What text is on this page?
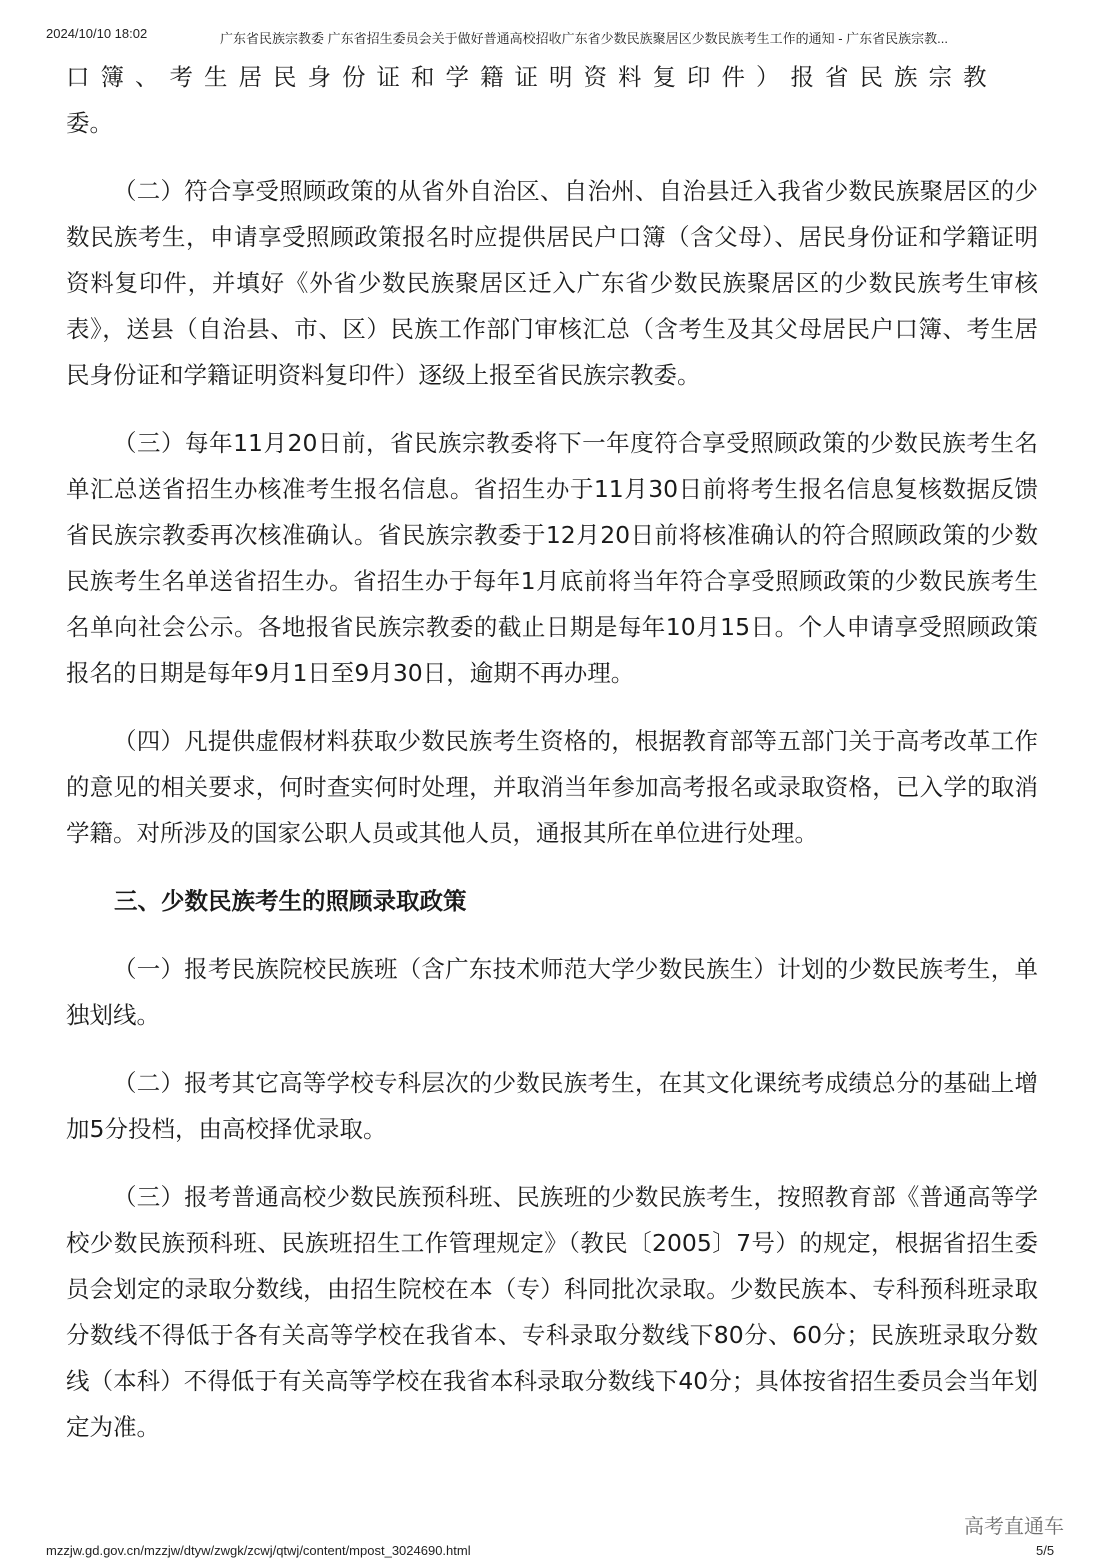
2024/10/10 18:02	广东省民族宗教委 广东省招生委员会关于做好普通高校招收广东省少数民族聚居区少数民族考生工作的通知 - 广东省民族宗教...

口簿、考生居民身份证和学籍证明资料复印件）报省民族宗教

委。

（二）符合享受照顾政策的从省外自治区、自治州、自治县迁入我省少数民族聚居区的少数民族考生，申请享受照顾政策报名时应提供居民户口簿（含父母）、居民身份证和学籍证明资料复印件，并填好《外省少数民族聚居区迁入广东省少数民族聚居区的少数民族考生审核表》，送县（自治县、市、区）民族工作部门审核汇总（含考生及其父母居民户口簿、考生居民身份证和学籍证明资料复印件）逐级上报至省民族宗教委。

（三）每年11月20日前，省民族宗教委将下一年度符合享受照顾政策的少数民族考生名单汇总送省招生办核准考生报名信息。省招生办于11月30日前将考生报名信息复核数据反馈省民族宗教委再次核准确认。省民族宗教委于12月20日前将核准确认的符合照顾政策的少数民族考生名单送省招生办。省招生办于每年1月底前将当年符合享受照顾政策的少数民族考生名单向社会公示。各地报省民族宗教委的截止日期是每年10月15日。个人申请享受照顾政策报名的日期是每年9月1日至9月30日，逾期不再办理。

（四）凡提供虚假材料获取少数民族考生资格的，根据教育部等五部门关于高考改革工作的意见的相关要求，何时查实何时处理，并取消当年参加高考报名或录取资格，已入学的取消学籍。对所涉及的国家公职人员或其他人员，通报其所在单位进行处理。

三、少数民族考生的照顾录取政策

（一）报考民族院校民族班（含广东技术师范大学少数民族生）计划的少数民族考生，单独划线。

（二）报考其它高等学校专科层次的少数民族考生，在其文化课统考成绩总分的基础上增加5分投档，由高校择优录取。

（三）报考普通高校少数民族预科班、民族班的少数民族考生，按照教育部《普通高等学校少数民族预科班、民族班招生工作管理规定》（教民〔2005〕7号）的规定，根据省招生委员会划定的录取分数线，由招生院校在本（专）科同批次录取。少数民族本、专科预科班录取分数线不得低于各有关高等学校在我省本、专科录取分数线下80分、60分；民族班录取分数线（本科）不得低于有关高等学校在我省本科录取分数线下40分；具体按省招生委员会当年划定为准。

mzzjw.gd.gov.cn/mzzjw/dtyw/zwgk/zcwj/qtwj/content/mpost_3024690.html	5/5
高考直通车
